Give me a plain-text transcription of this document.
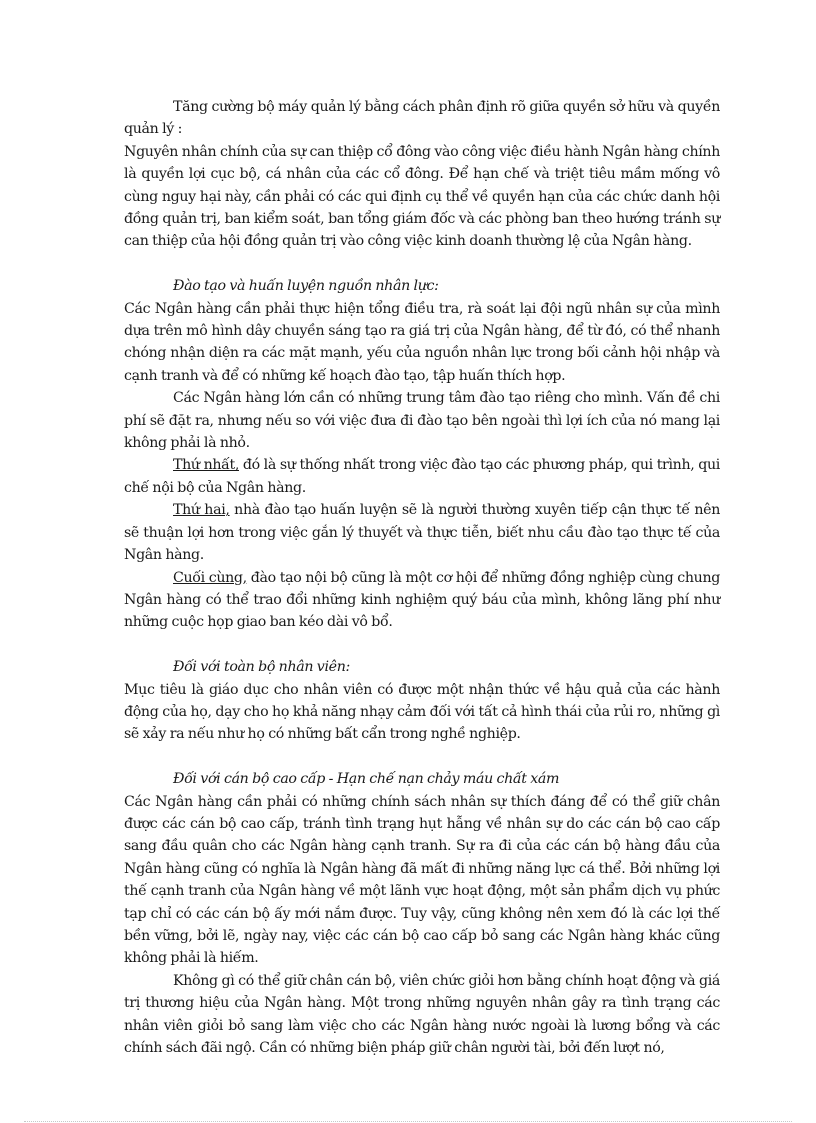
Tăng cường bộ máy quản lý bằng cách phân định rõ giữa quyền sở hữu và quyền quản lý :

Nguyên nhân chính của sự can thiệp cổ đông vào công việc điều hành Ngân hàng chính là quyền lợi cục bộ, cá nhân của các cổ đông. Để hạn chế và triệt tiêu mầm mống vô cùng nguy hại này, cần phải có các qui định cụ thể về quyền hạn của các chức danh hội đồng quản trị, ban kiểm soát, ban tổng giám đốc và các phòng ban theo hướng tránh sự can thiệp của hội đồng quản trị vào công việc kinh doanh thường lệ của Ngân hàng.

Đào tạo và huấn luyện nguồn nhân lực:

Các Ngân hàng cần phải thực hiện tổng điều tra, rà soát lại đội ngũ nhân sự của mình dựa trên mô hình dây chuyền sáng tạo ra giá trị của Ngân hàng, để từ đó, có thể nhanh chóng nhận diện ra các mặt mạnh, yếu của nguồn nhân lực trong bối cảnh hội nhập và cạnh tranh và để có những kế hoạch đào tạo, tập huấn thích hợp.

Các Ngân hàng lớn cần có những trung tâm đào tạo riêng cho mình. Vấn đề chi phí sẽ đặt ra, nhưng nếu so với việc đưa đi đào tạo bên ngoài thì lợi ích của nó mang lại không phải là nhỏ.

Thứ nhất, đó là sự thống nhất trong việc đào tạo các phương pháp, qui trình, qui chế nội bộ của Ngân hàng.

Thứ hai, nhà đào tạo huấn luyện sẽ là người thường xuyên tiếp cận thực tế nên sẽ thuận lợi hơn trong việc gắn lý thuyết và thực tiễn, biết nhu cầu đào tạo thực tế của Ngân hàng.

Cuối cùng, đào tạo nội bộ cũng là một cơ hội để những đồng nghiệp cùng chung Ngân hàng có thể trao đổi những kinh nghiệm quý báu của mình, không lãng phí như những cuộc họp giao ban kéo dài vô bổ.

Đối với toàn bộ nhân viên:

Mục tiêu là giáo dục cho nhân viên có được một nhận thức về hậu quả của các hành động của họ, dạy cho họ khả năng nhạy cảm đối với tất cả hình thái của rủi ro, những gì sẽ xảy ra nếu như họ có những bất cẩn trong nghề nghiệp.

Đối với cán bộ cao cấp - Hạn chế nạn chảy máu chất xám

Các Ngân hàng cần phải có những chính sách nhân sự thích đáng để có thể giữ chân được các cán bộ cao cấp, tránh tình trạng hụt hẫng về nhân sự do các cán bộ cao cấp sang đầu quân cho các Ngân hàng cạnh tranh. Sự ra đi của các cán bộ hàng đầu của Ngân hàng cũng có nghĩa là Ngân hàng đã mất đi những năng lực cá thể. Bởi những lợi thế cạnh tranh của Ngân hàng về một lãnh vực hoạt động, một sản phẩm dịch vụ phức tạp chỉ có các cán bộ ấy mới nắm được. Tuy vậy, cũng không nên xem đó là các lợi thế bền vững, bởi lẽ, ngày nay, việc các cán bộ cao cấp bỏ sang các Ngân hàng khác cũng không phải là hiếm.

Không gì có thể giữ chân cán bộ, viên chức giỏi hơn bằng chính hoạt động và giá trị thương hiệu của Ngân hàng. Một trong những nguyên nhân gây ra tình trạng các nhân viên giỏi bỏ sang làm việc cho các Ngân hàng nước ngoài là lương bổng và các chính sách đãi ngộ. Cần có những biện pháp giữ chân người tài, bởi đến lượt nó,
